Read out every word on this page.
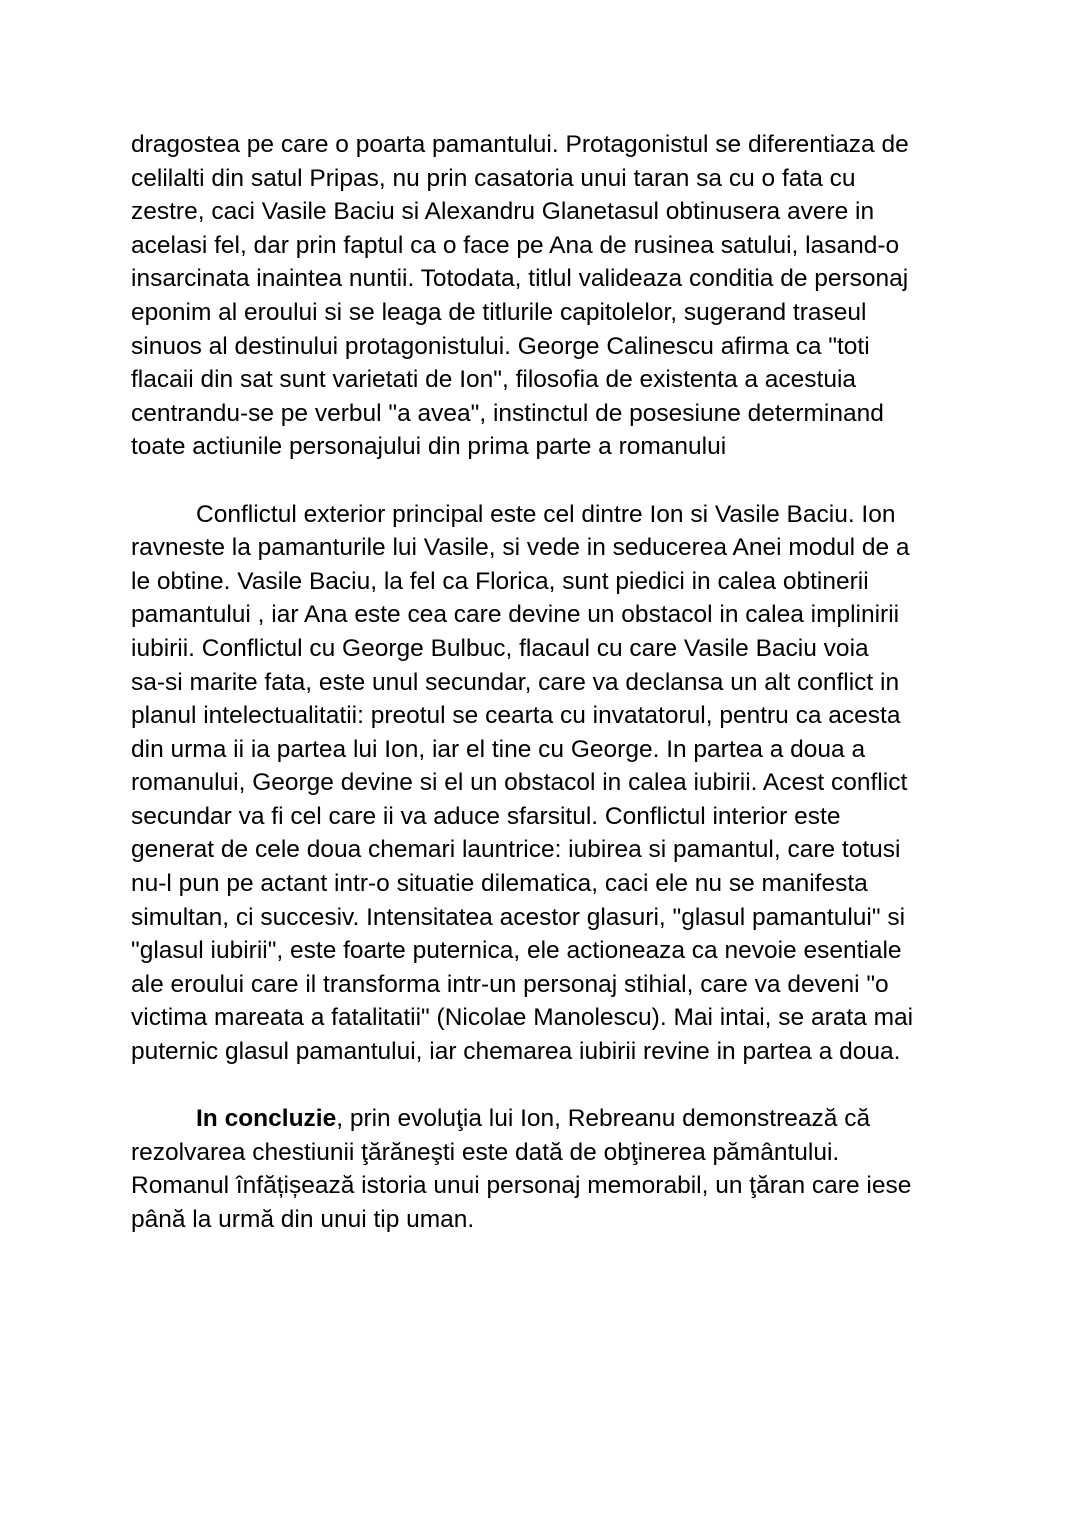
dragostea pe care o poarta pamantului. Protagonistul se diferentiaza de
celilalti din satul Pripas, nu prin casatoria unui taran sa cu o fata cu
zestre, caci Vasile Baciu si Alexandru Glanetasul obtinusera avere in
acelasi fel, dar prin faptul ca o face pe Ana de rusinea satului, lasand-o
insarcinata inaintea nuntii. Totodata, titlul valideaza conditia de personaj
eponim al eroului si se leaga de titlurile capitolelor, sugerand traseul
sinuos al destinului protagonistului. George Calinescu afirma ca "toti
flacaii din sat sunt varietati de Ion", filosofia de existenta a acestuia
centrandu-se pe verbul "a avea", instinctul de posesiune determinand
toate actiunile personajului din prima parte a romanului
Conflictul exterior principal este cel dintre Ion si Vasile Baciu. Ion
ravneste la pamanturile lui Vasile, si vede in seducerea Anei modul de a
le obtine. Vasile Baciu, la fel ca Florica, sunt piedici in calea obtinerii
pamantului , iar Ana este cea care devine un obstacol in calea implinirii
iubirii. Conflictul cu George Bulbuc, flacaul cu care Vasile Baciu voia
sa-si marite fata, este unul secundar, care va declansa un alt conflict in
planul intelectualitatii: preotul se cearta cu invatatorul, pentru ca acesta
din urma ii ia partea lui Ion, iar el tine cu George. In partea a doua a
romanului, George devine si el un obstacol in calea iubirii. Acest conflict
secundar va fi cel care ii va aduce sfarsitul. Conflictul interior este
generat de cele doua chemari launtrice: iubirea si pamantul, care totusi
nu-l pun pe actant intr-o situatie dilematica, caci ele nu se manifesta
simultan, ci succesiv. Intensitatea acestor glasuri, "glasul pamantului" si
"glasul iubirii", este foarte puternica, ele actioneaza ca nevoie esentiale
ale eroului care il transforma intr-un personaj stihial, care va deveni "o
victima mareata a fatalitatii" (Nicolae Manolescu). Mai intai, se arata mai
puternic glasul pamantului, iar chemarea iubirii revine in partea a doua.
In concluzie, prin evoluţia lui Ion, Rebreanu demonstrează că
rezolvarea chestiunii ţărăneşti este dată de obţinerea pământului.
Romanul înfățișează istoria unui personaj memorabil, un ţăran care iese
până la urmă din unui tip uman.
